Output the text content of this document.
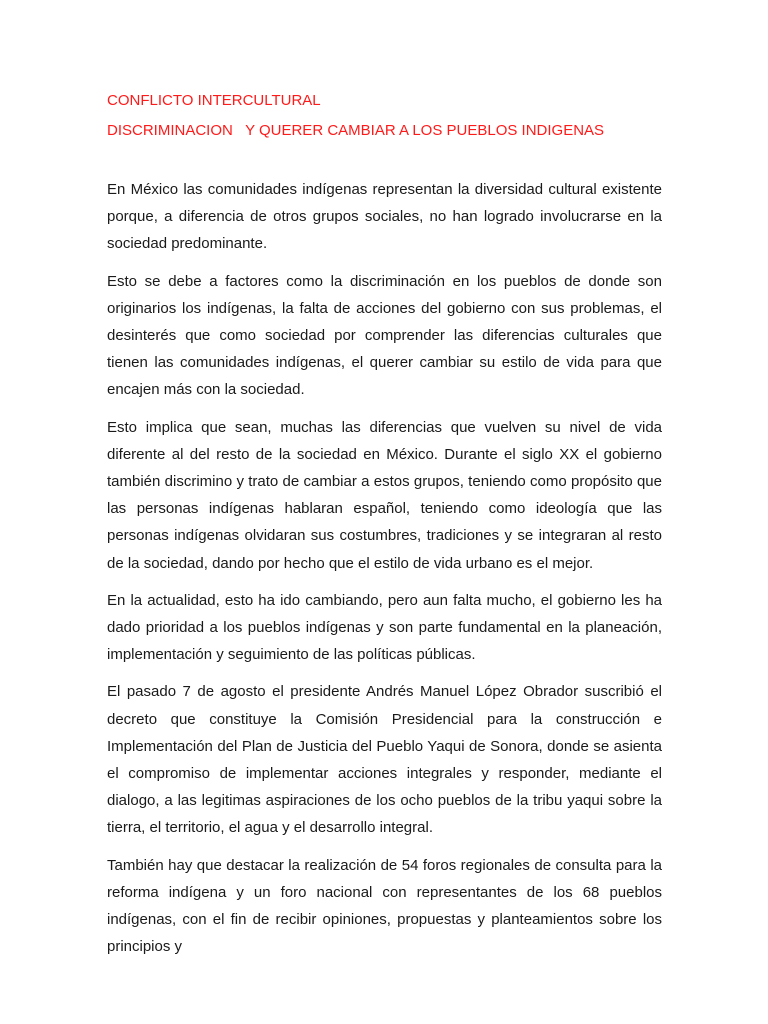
CONFLICTO INTERCULTURAL

DISCRIMINACION   Y QUERER CAMBIAR A LOS PUEBLOS INDIGENAS

En México las comunidades indígenas representan la diversidad cultural existente porque, a diferencia de otros grupos sociales, no han logrado involucrarse en la sociedad predominante.

Esto se debe a factores como la discriminación en los pueblos de donde son originarios los indígenas, la falta de acciones del gobierno con sus problemas, el desinterés que como sociedad por comprender las diferencias culturales que tienen las comunidades indígenas, el querer cambiar su estilo de vida para que encajen más con la sociedad.

Esto implica que sean, muchas las diferencias que vuelven su nivel de vida diferente al del resto de la sociedad en México. Durante el siglo XX el gobierno también discrimino y trato de cambiar a estos grupos, teniendo como propósito que las personas indígenas hablaran español, teniendo como ideología que las personas indígenas olvidaran sus costumbres, tradiciones y se integraran al resto de la sociedad, dando por hecho que el estilo de vida urbano es el mejor.

En la actualidad, esto ha ido cambiando, pero aun falta mucho, el gobierno les ha dado prioridad a los pueblos indígenas y son parte fundamental en la planeación, implementación y seguimiento de las políticas públicas.

El pasado 7 de agosto el presidente Andrés Manuel López Obrador suscribió el decreto que constituye la Comisión Presidencial para la construcción e Implementación del Plan de Justicia del Pueblo Yaqui de Sonora, donde se asienta el compromiso de implementar acciones integrales y responder, mediante el dialogo, a las legitimas aspiraciones de los ocho pueblos de la tribu yaqui sobre la tierra, el territorio, el agua y el desarrollo integral.

También hay que destacar la realización de 54 foros regionales de consulta para la reforma indígena y un foro nacional con representantes de los 68 pueblos indígenas, con el fin de recibir opiniones, propuestas y planteamientos sobre los principios y
